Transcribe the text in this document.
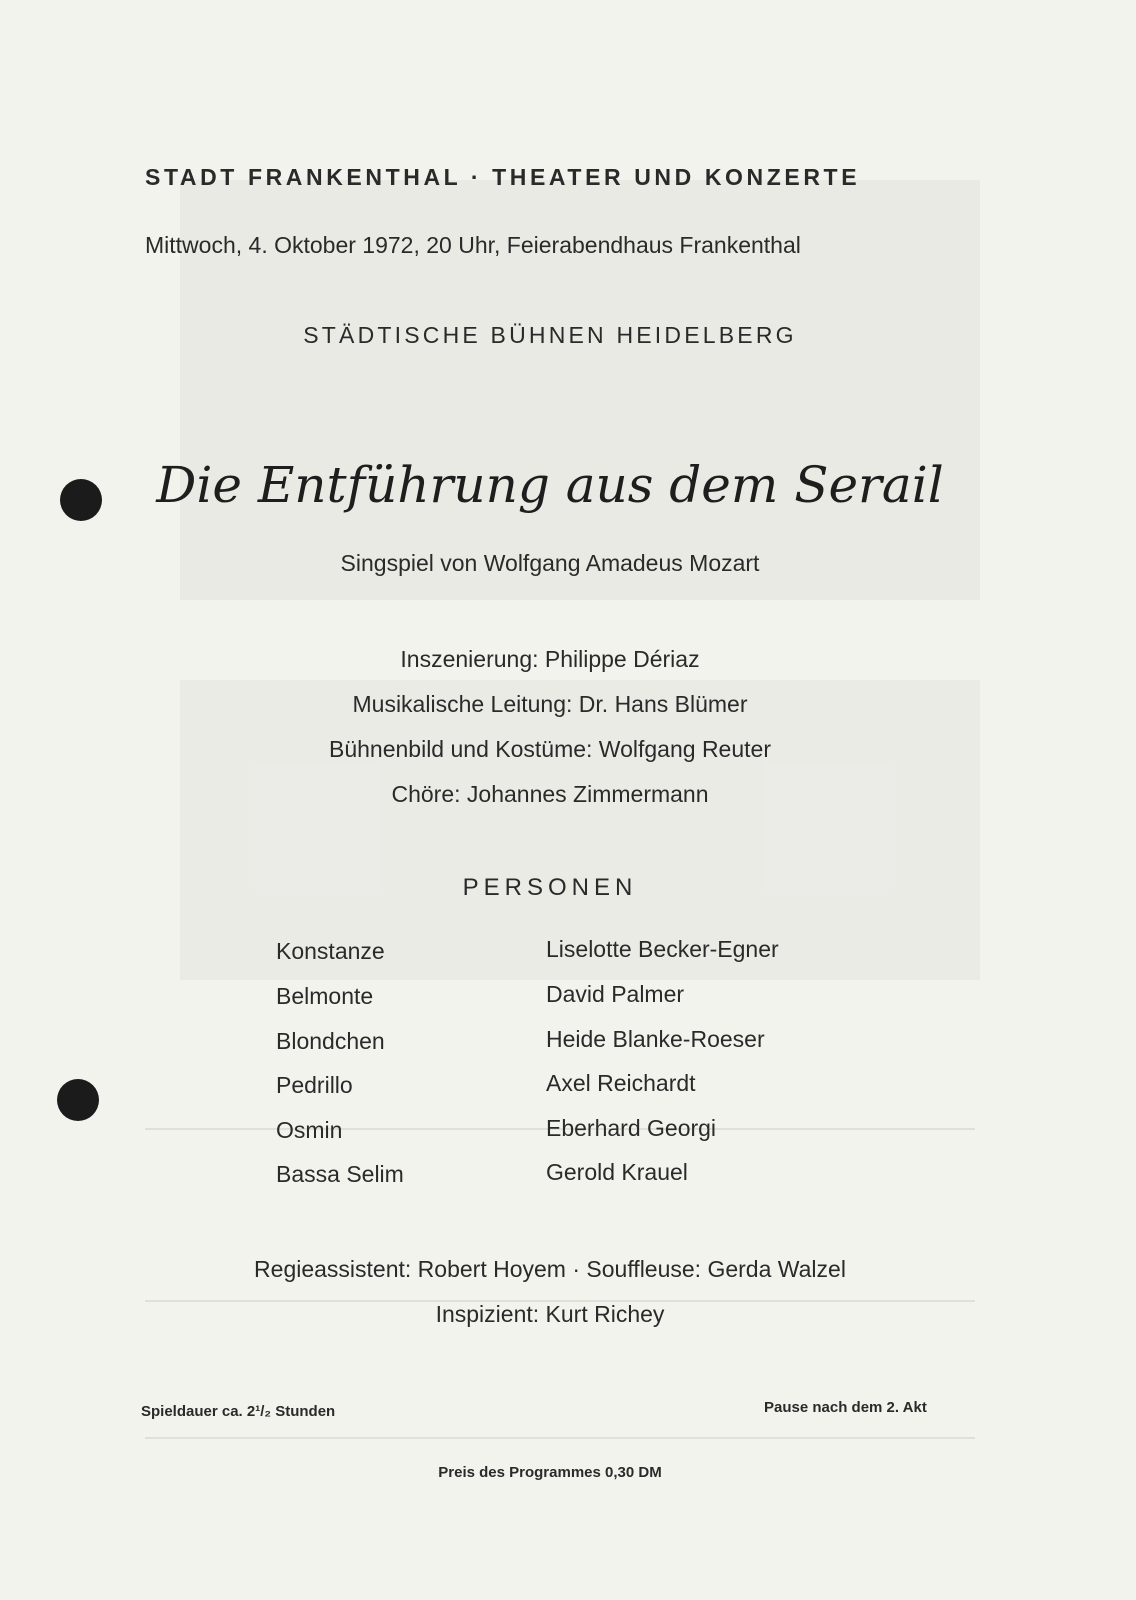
STADT FRANKENTHAL · THEATER UND KONZERTE
Mittwoch, 4. Oktober 1972, 20 Uhr, Feierabendhaus Frankenthal
STÄDTISCHE BÜHNEN HEIDELBERG
Die Entführung aus dem Serail
Singspiel von Wolfgang Amadeus Mozart
Inszenierung: Philippe Dériaz
Musikalische Leitung: Dr. Hans Blümer
Bühnenbild und Kostüme: Wolfgang Reuter
Chöre: Johannes Zimmermann
PERSONEN
Konstanze	Liselotte Becker-Egner
Belmonte	David Palmer
Blondchen	Heide Blanke-Roeser
Pedrillo	Axel Reichardt
Osmin	Eberhard Georgi
Bassa Selim	Gerold Krauel
Regieassistent: Robert Hoyem · Souffleuse: Gerda Walzel
Inspizient: Kurt Richey
Spieldauer ca. 2¹/₂ Stunden	Pause nach dem 2. Akt
Preis des Programmes 0,30 DM
